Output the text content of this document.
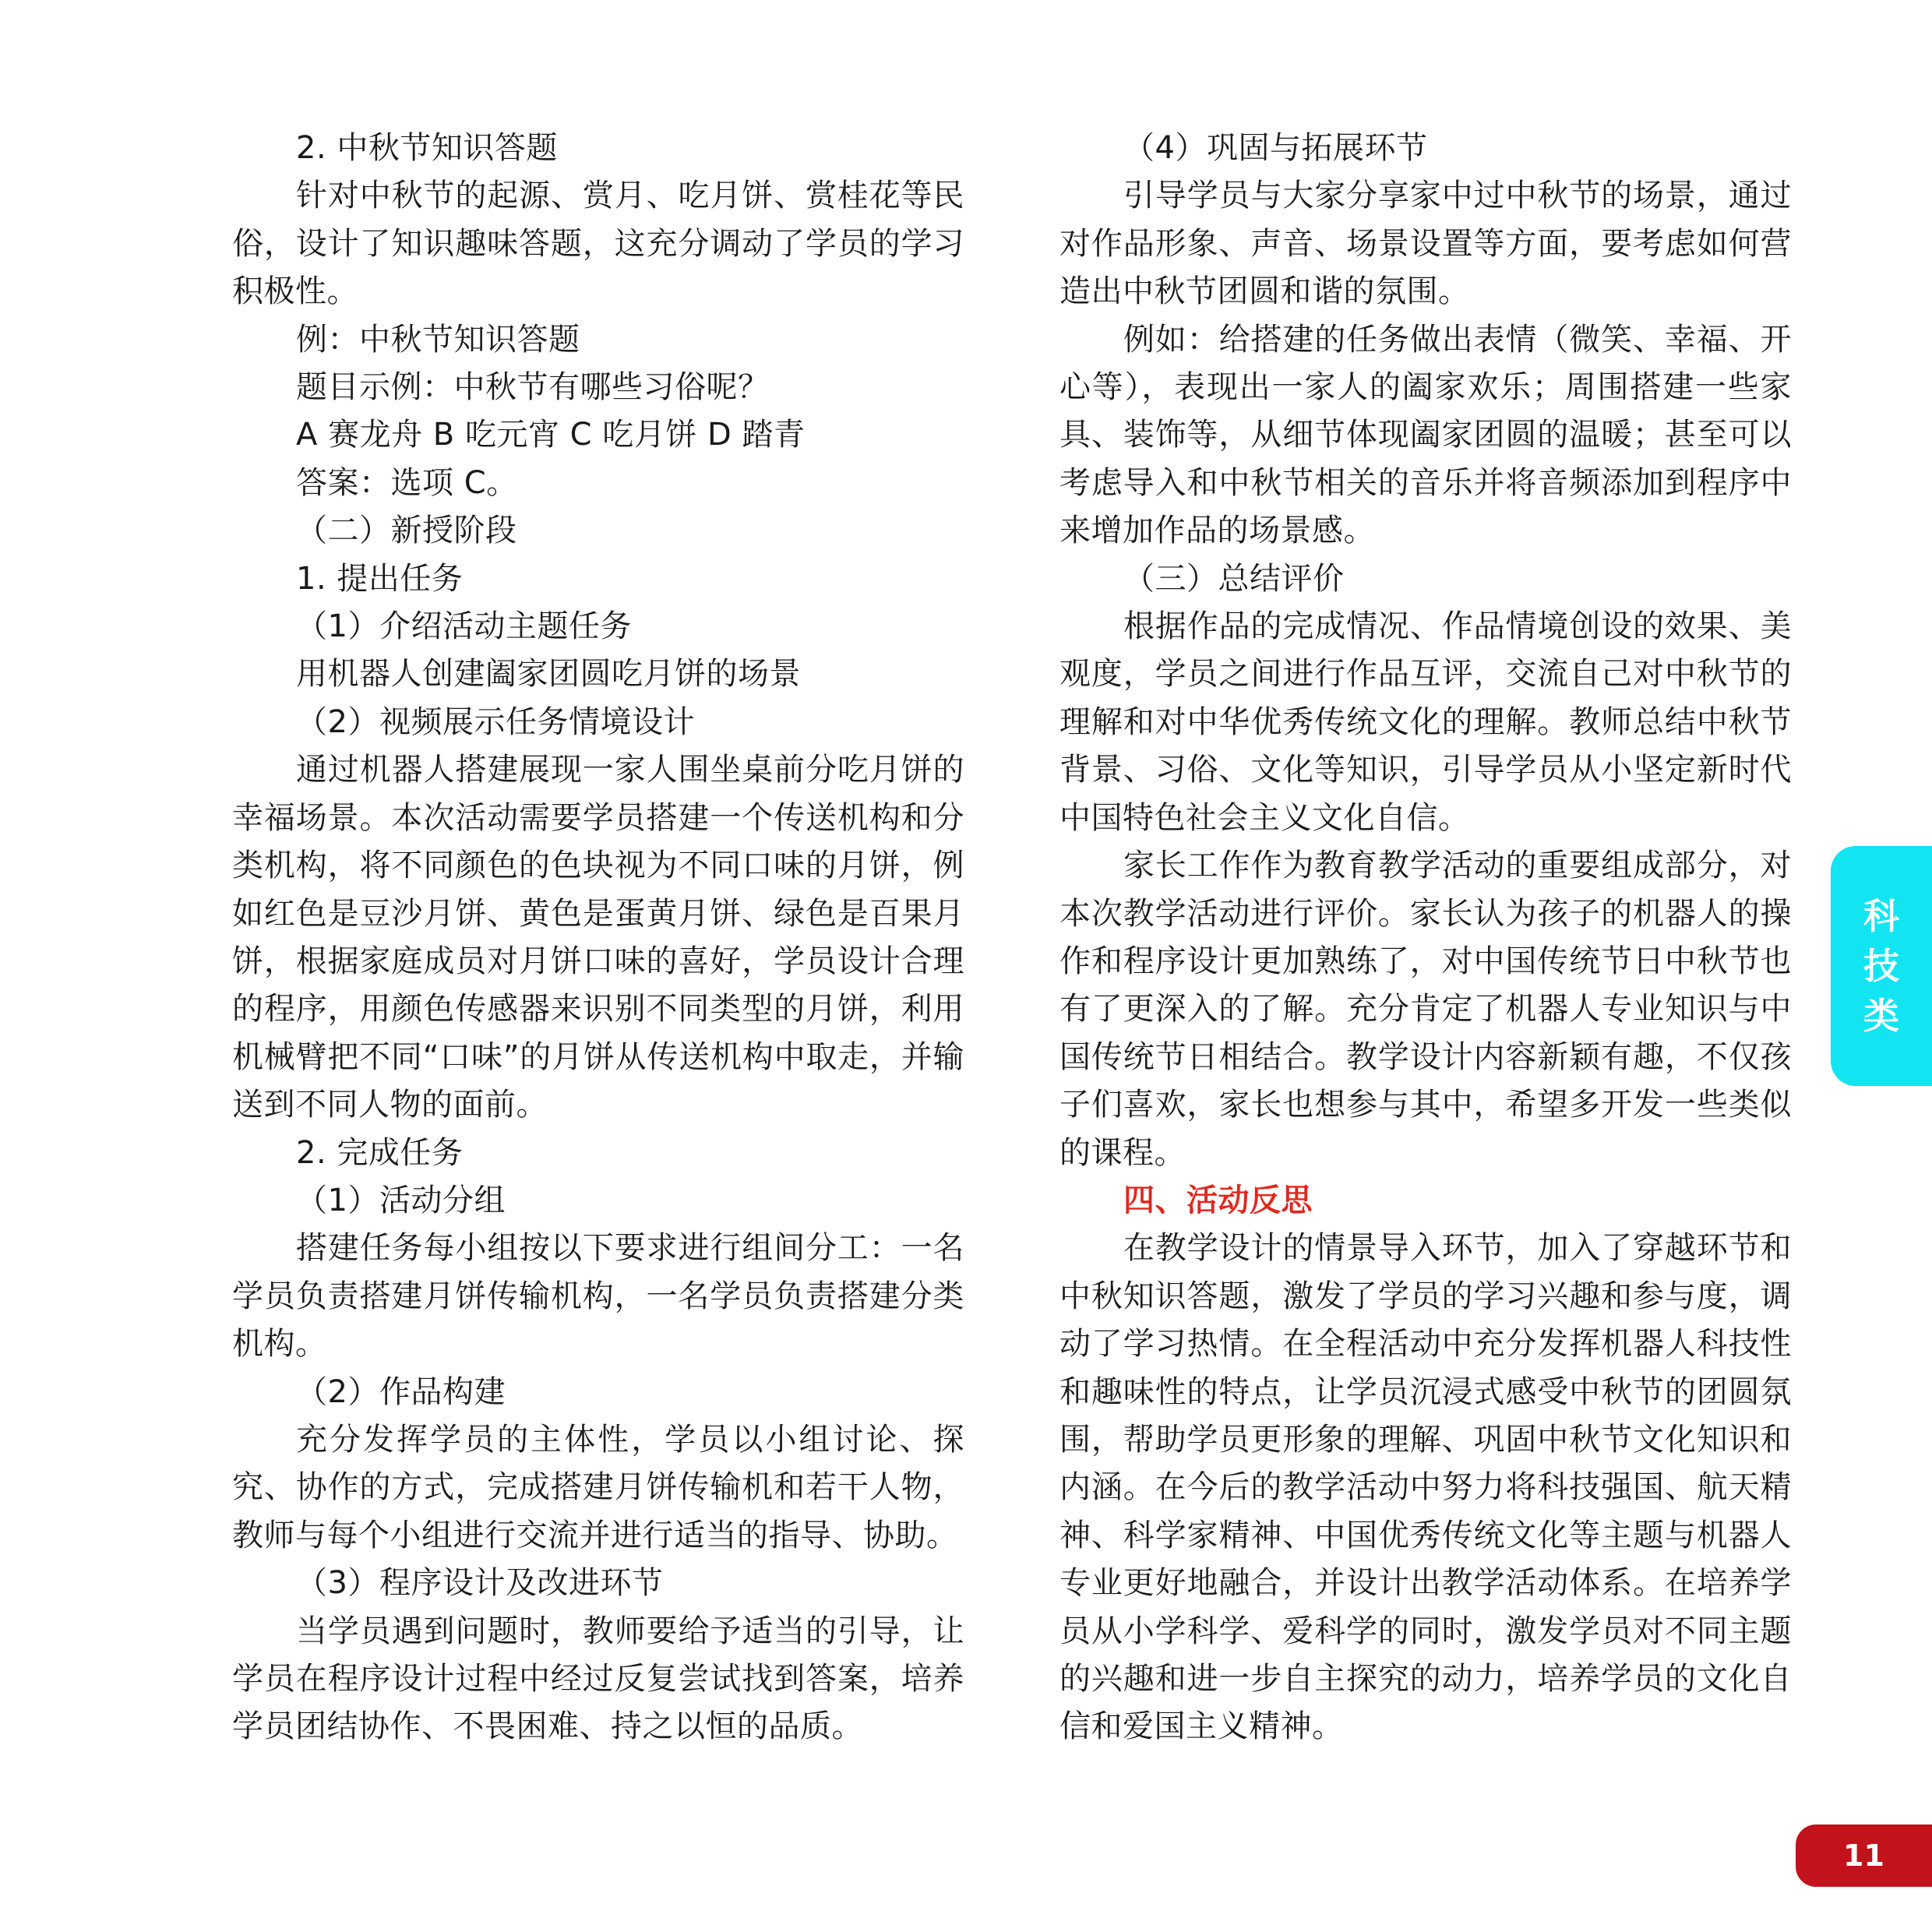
2. 中秋节知识答题

针对中秋节的起源、赏月、吃月饼、赏桂花等民俗，设计了知识趣味答题，这充分调动了学员的学习积极性。

例：中秋节知识答题

题目示例：中秋节有哪些习俗呢？

A 赛龙舟 B 吃元宵 C 吃月饼 D 踏青

答案：选项 C。

（二）新授阶段

1. 提出任务

（1）介绍活动主题任务

用机器人创建阖家团圆吃月饼的场景

（2）视频展示任务情境设计

通过机器人搭建展现一家人围坐桌前分吃月饼的幸福场景。本次活动需要学员搭建一个传送机构和分类机构，将不同颜色的色块视为不同口味的月饼，例如红色是豆沙月饼、黄色是蛋黄月饼、绿色是百果月饼，根据家庭成员对月饼口味的喜好，学员设计合理的程序，用颜色传感器来识别不同类型的月饼，利用机械臂把不同“口味”的月饼从传送机构中取走，并输送到不同人物的面前。

2. 完成任务

（1）活动分组

搭建任务每小组按以下要求进行组间分工：一名学员负责搭建月饼传输机构，一名学员负责搭建分类机构。

（2）作品构建

充分发挥学员的主体性，学员以小组讨论、探究、协作的方式，完成搭建月饼传输机和若干人物，教师与每个小组进行交流并进行适当的指导、协助。

（3）程序设计及改进环节

当学员遇到问题时，教师要给予适当的引导，让学员在程序设计过程中经过反复尝试找到答案，培养学员团结协作、不畏困难、持之以恒的品质。

（4）巩固与拓展环节

引导学员与大家分享家中过中秋节的场景，通过对作品形象、声音、场景设置等方面，要考虑如何营造出中秋节团圆和谐的氛围。

例如：给搭建的任务做出表情（微笑、幸福、开心等），表现出一家人的阖家欢乐；周围搭建一些家具、装饰等，从细节体现阖家团圆的温暖；甚至可以考虑导入和中秋节相关的音乐并将音频添加到程序中来增加作品的场景感。

（三）总结评价

根据作品的完成情况、作品情境创设的效果、美观度，学员之间进行作品互评，交流自己对中秋节的理解和对中华优秀传统文化的理解。教师总结中秋节背景、习俗、文化等知识，引导学员从小坚定新时代中国特色社会主义文化自信。

家长工作作为教育教学活动的重要组成部分，对本次教学活动进行评价。家长认为孩子的机器人的操作和程序设计更加熟练了，对中国传统节日中秋节也有了更深入的了解。充分肯定了机器人专业知识与中国传统节日相结合。教学设计内容新颖有趣，不仅孩子们喜欢，家长也想参与其中，希望多开发一些类似的课程。

四、活动反思

在教学设计的情景导入环节，加入了穿越环节和中秋知识答题，激发了学员的学习兴趣和参与度，调动了学习热情。在全程活动中充分发挥机器人科技性和趣味性的特点，让学员沉浸式感受中秋节的团圆氛围，帮助学员更形象的理解、巩固中秋节文化知识和内涵。在今后的教学活动中努力将科技强国、航天精神、科学家精神、中国优秀传统文化等主题与机器人专业更好地融合，并设计出教学活动体系。在培养学员从小学科学、爱科学的同时，激发学员对不同主题的兴趣和进一步自主探究的动力，培养学员的文化自信和爱国主义精神。

科
技
类
11
